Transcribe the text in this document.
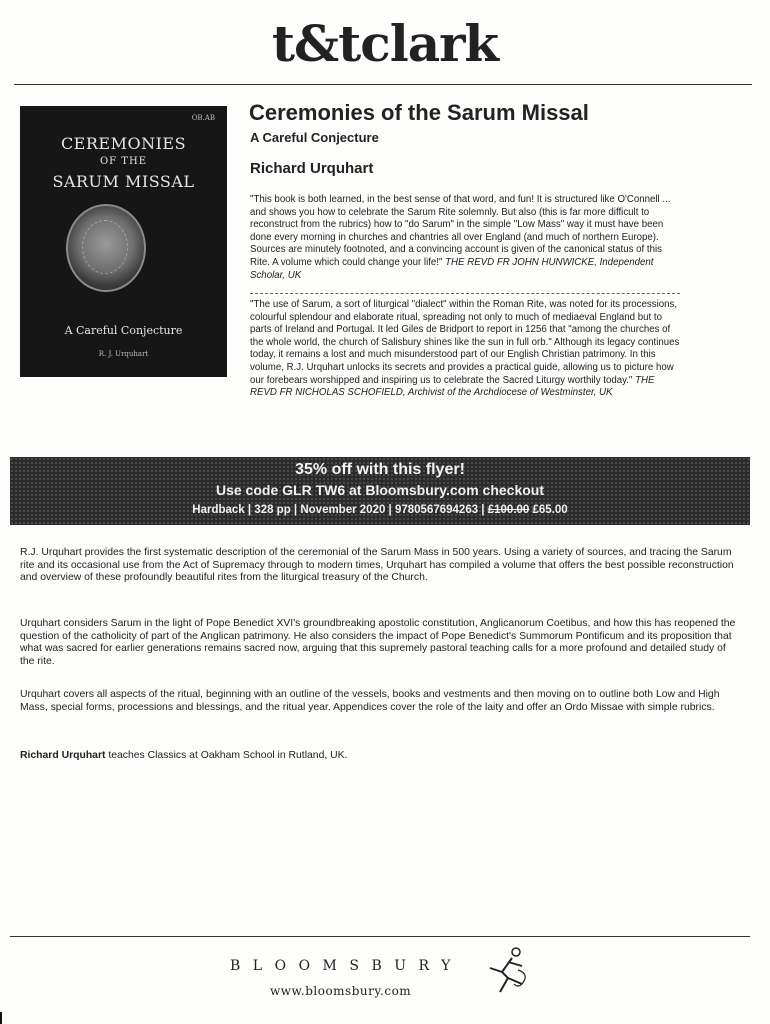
t&tclark
OB.AB
CEREMONIES
OF THE
SARUM MISSAL
A Careful Conjecture
R. J. Urquhart
Ceremonies of the Sarum Missal
A Careful Conjecture
Richard Urquhart
"This book is both learned, in the best sense of that word, and fun! It is structured like O'Connell ... and shows you how to celebrate the Sarum Rite solemnly. But also (this is far more difficult to reconstruct from the rubrics) how to "do Sarum" in the simple "Low Mass" way it must have been done every morning in churches and chantries all over England (and much of northern Europe). Sources are minutely footnoted, and a convincing account is given of the canonical status of this Rite. A volume which could change your life!" THE REVD FR JOHN HUNWICKE, Independent Scholar, UK
"The use of Sarum, a sort of liturgical "dialect" within the Roman Rite, was noted for its processions, colourful splendour and elaborate ritual, spreading not only to much of mediaeval England but to parts of Ireland and Portugal. It led Giles de Bridport to report in 1256 that "among the churches of the whole world, the church of Salisbury shines like the sun in full orb." Although its legacy continues today, it remains a lost and much misunderstood part of our English Christian patrimony. In this volume, R.J. Urquhart unlocks its secrets and provides a practical guide, allowing us to picture how our forebears worshipped and inspiring us to celebrate the Sacred Liturgy worthily today." THE REVD FR NICHOLAS SCHOFIELD, Archivist of the Archdiocese of Westminster, UK
35% off with this flyer!
Use code GLR TW6 at Bloomsbury.com checkout
Hardback | 328 pp | November 2020 | 9780567694263 | £100.00 £65.00
R.J. Urquhart provides the first systematic description of the ceremonial of the Sarum Mass in 500 years. Using a variety of sources, and tracing the Sarum rite and its occasional use from the Act of Supremacy through to modern times, Urquhart has compiled a volume that offers the best possible reconstruction and overview of these profoundly beautiful rites from the liturgical treasury of the Church.
Urquhart considers Sarum in the light of Pope Benedict XVI's groundbreaking apostolic constitution, Anglicanorum Coetibus, and how this has reopened the question of the catholicity of part of the Anglican patrimony. He also considers the impact of Pope Benedict's Summorum Pontificum and its proposition that what was sacred for earlier generations remains sacred now, arguing that this supremely pastoral teaching calls for a more profound and detailed study of the rite.
Urquhart covers all aspects of the ritual, beginning with an outline of the vessels, books and vestments and then moving on to outline both Low and High Mass, special forms, processions and blessings, and the ritual year. Appendices cover the role of the laity and offer an Ordo Missae with simple rubrics.
Richard Urquhart teaches Classics at Oakham School in Rutland, UK.
BLOOMSBURY
www.bloomsbury.com
